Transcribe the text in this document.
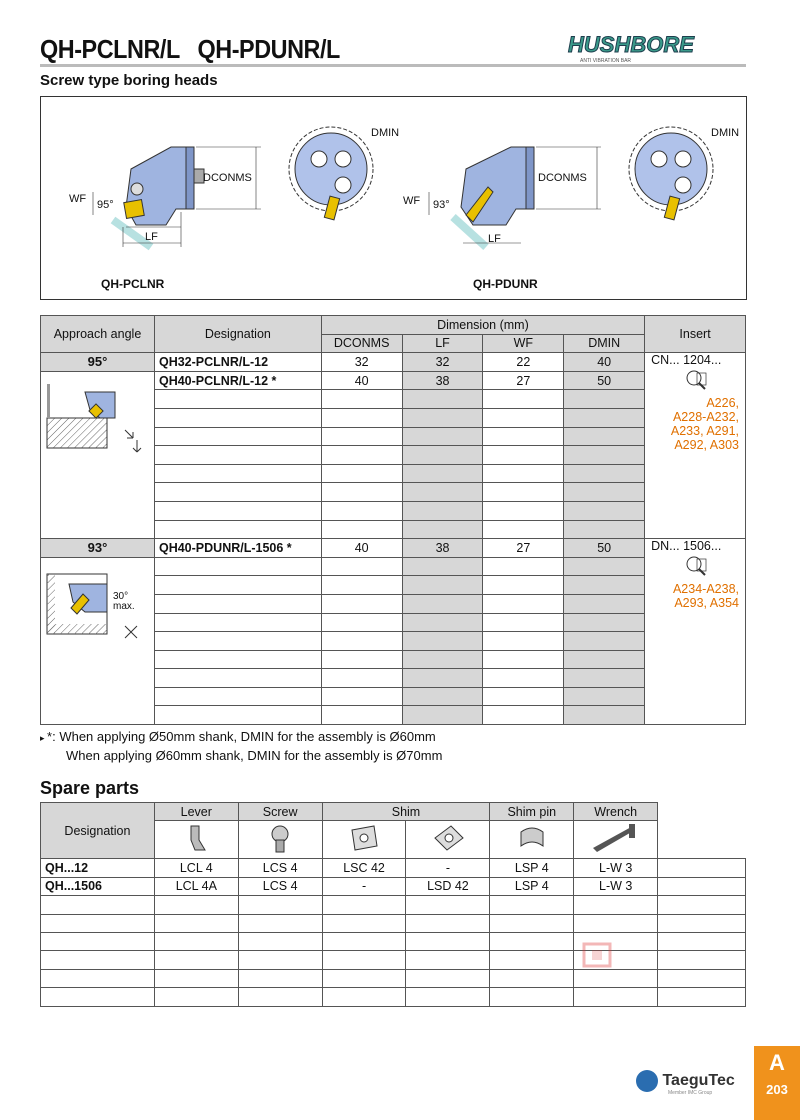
QH-PCLNR/L   QH-PDUNR/L	HUSHBORE
ANTI VIBRATION BAR
Screw type boring heads
DMIN	DMIN
DCONMS	DCONMS
WF	WF
95°	93°
LF	LF
QH-PCLNR	QH-PDUNR
Approach angle	Designation	Dimension (mm)				Insert
		DCONMS	LF	WF	DMIN	
95°	QH32-PCLNR/L-12	32	32	22	40	CN... 1204...
A226,
A228-A232,
A233, A291,
A292, A303

	QH40-PCLNR/L-12 *	40	38	27	50	

93°	QH40-PDUNR/L-1506 *	40	38	27	50	DN... 1506...
A234-A238,
A293, A354

30°
max.						

▸ *: When applying Ø50mm shank, DMIN for the assembly is Ø60mm
When applying Ø60mm shank, DMIN for the assembly is Ø70mm
Spare parts
Designation	Lever	Screw	Shim		Shim pin	Wrench	

QH...12	LCL 4	LCS 4	LSC 42	-	LSP 4	L-W 3	
QH...1506	LCL 4A	LCS 4	-	LSD 42	LSP 4	L-W 3	

TaeguTec
Member IMC Group
A
203
